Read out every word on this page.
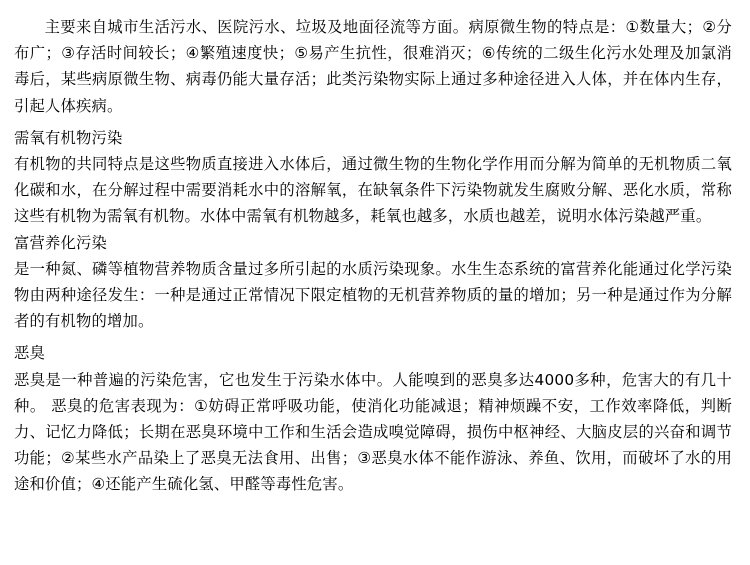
主要来自城市生活污水、医院污水、垃圾及地面径流等方面。病原微生物的特点是：①数量大；②分布广；③存活时间较长；④繁殖速度快；⑤易产生抗性，很难消灭；⑥传统的二级生化污水处理及加氯消毒后，某些病原微生物、病毒仍能大量存活；此类污染物实际上通过多种途径进入人体，并在体内生存，引起人体疾病。

需氧有机物污染

有机物的共同特点是这些物质直接进入水体后，通过微生物的生物化学作用而分解为简单的无机物质二氧化碳和水，在分解过程中需要消耗水中的溶解氧，在缺氧条件下污染物就发生腐败分解、恶化水质，常称这些有机物为需氧有机物。水体中需氧有机物越多，耗氧也越多，水质也越差，说明水体污染越严重。

富营养化污染

是一种氮、磷等植物营养物质含量过多所引起的水质污染现象。水生生态系统的富营养化能通过化学污染物由两种途径发生：一种是通过正常情况下限定植物的无机营养物质的量的增加；另一种是通过作为分解者的有机物的增加。

恶臭

恶臭是一种普遍的污染危害，它也发生于污染水体中。人能嗅到的恶臭多达4000多种，危害大的有几十种。 恶臭的危害表现为：①妨碍正常呼吸功能，使消化功能减退；精神烦躁不安，工作效率降低，判断力、记忆力降低；长期在恶臭环境中工作和生活会造成嗅觉障碍，损伤中枢神经、大脑皮层的兴奋和调节功能；②某些水产品染上了恶臭无法食用、出售；③恶臭水体不能作游泳、养鱼、饮用，而破坏了水的用途和价值；④还能产生硫化氢、甲醛等毒性危害。
